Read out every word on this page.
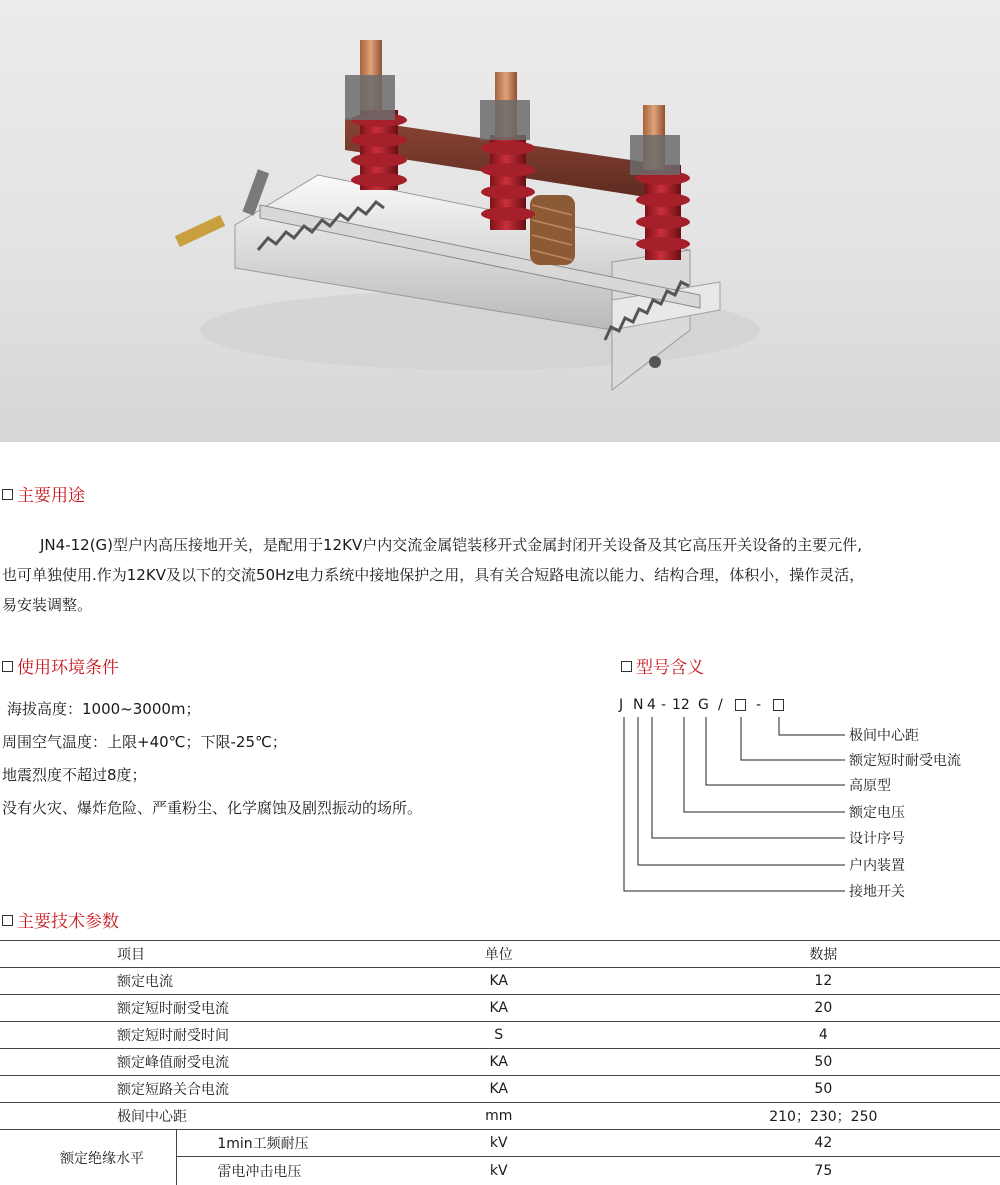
主要用途

JN4-12(G)型户内高压接地开关，是配用于12KV户内交流金属铠装移开式金属封闭开关设备及其它高压开关设备的主要元件,

也可单独使用.作为12KV及以下的交流50Hz电力系统中接地保护之用，具有关合短路电流以能力、结构合理，体积小，操作灵活，

易安装调整。

使用环境条件
海拔高度：1000~3000m；
周围空气温度：上限+40℃；下限-25℃；
地震烈度不超过8度；
没有火灾、爆炸危险、严重粉尘、化学腐蚀及剧烈振动的场所。
型号含义
J N 4 - 12 G / -
极间中心距
额定短时耐受电流
高原型
额定电压
设计序号
户内装置
接地开关
主要技术参数
项目		单位	数据
额定电流		KA	12
额定短时耐受电流		KA	20
额定短时耐受时间		S	4
额定峰值耐受电流		KA	50
额定短路关合电流		KA	50
极间中心距		mm	210；230；250
额定绝缘水平	1min工频耐压	kV	42
	雷电冲击电压	kV	75
